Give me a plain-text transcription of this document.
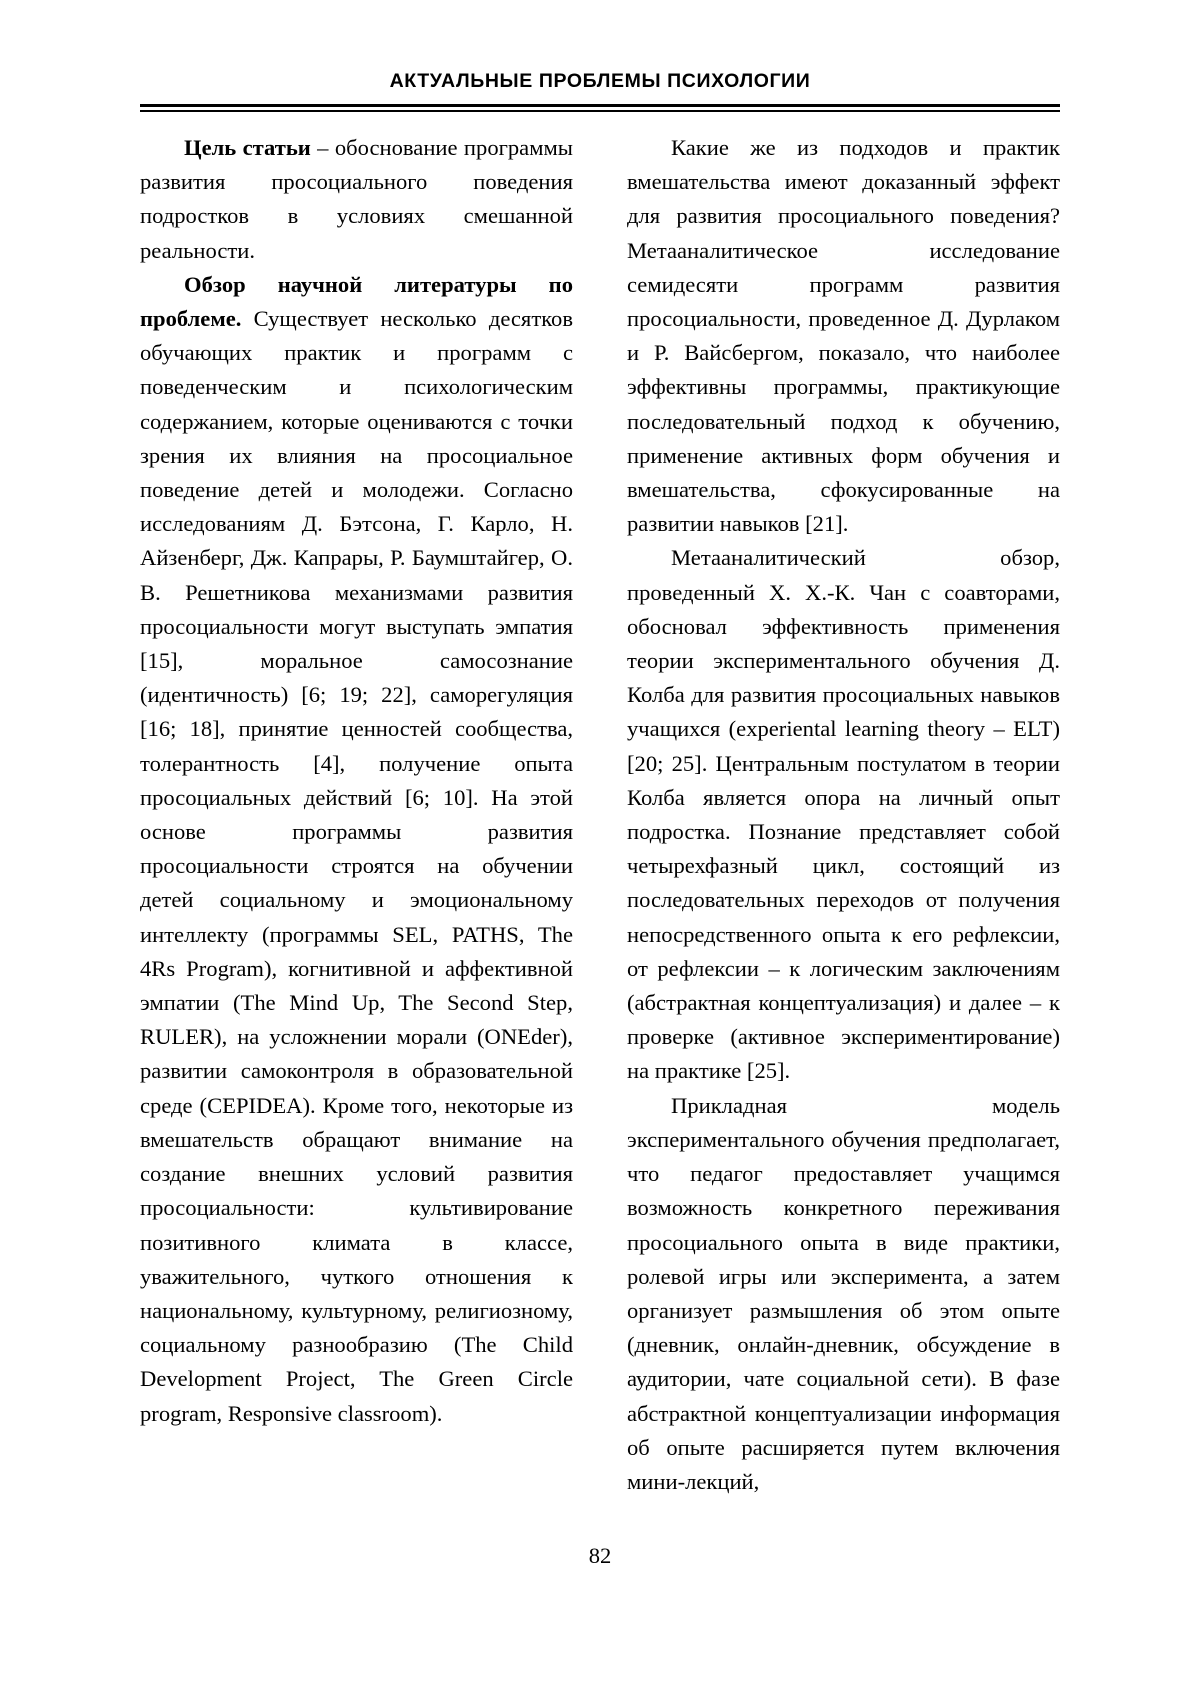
АКТУАЛЬНЫЕ ПРОБЛЕМЫ ПСИХОЛОГИИ

Цель статьи – обоснование программы развития просоциального поведения подростков в условиях смешанной реальности.

Обзор научной литературы по проблеме. Существует несколько десятков обучающих практик и программ с поведенческим и психологическим содержанием, которые оцениваются с точки зрения их влияния на просоциальное поведение детей и молодежи. Согласно исследованиям Д. Бэтсона, Г. Карло, Н. Айзенберг, Дж. Капрары, Р. Баумштайгер, О. В. Решетникова механизмами развития просоциальности могут выступать эмпатия [15], моральное самосознание (идентичность) [6; 19; 22], саморегуляция [16; 18], принятие ценностей сообщества, толерантность [4], получение опыта просоциальных действий [6; 10]. На этой основе программы развития просоциальности строятся на обучении детей социальному и эмоциональному интеллекту (программы SEL, PATHS, The 4Rs Program), когнитивной и аффективной эмпатии (The Mind Up, The Second Step, RULER), на усложнении морали (ONEder), развитии самоконтроля в образовательной среде (CEPIDEA). Кроме того, некоторые из вмешательств обращают внимание на создание внешних условий развития просоциальности: культивирование позитивного климата в классе, уважительного, чуткого отношения к национальному, культурному, религиозному, социальному разнообразию (The Child Development Project, The Green Circle program, Responsive classroom).

Какие же из подходов и практик вмешательства имеют доказанный эффект для развития просоциального поведения? Метааналитическое исследование семидесяти программ развития просоциальности, проведенное Д. Дурлаком и Р. Вайсбергом, показало, что наиболее эффективны программы, практикующие последовательный подход к обучению, применение активных форм обучения и вмешательства, сфокусированные на развитии навыков [21].

Метааналитический обзор, проведенный Х. Х.-К. Чан с соавторами, обосновал эффективность применения теории экспериментального обучения Д. Колба для развития просоциальных навыков учащихся (experiental learning theory – ELT) [20; 25]. Центральным постулатом в теории Колба является опора на личный опыт подростка. Познание представляет собой четырехфазный цикл, состоящий из последовательных переходов от получения непосредственного опыта к его рефлексии, от рефлексии – к логическим заключениям (абстрактная концептуализация) и далее – к проверке (активное экспериментирование) на практике [25].

Прикладная модель экспериментального обучения предполагает, что педагог предоставляет учащимся возможность конкретного переживания просоциального опыта в виде практики, ролевой игры или эксперимента, а затем организует размышления об этом опыте (дневник, онлайн-дневник, обсуждение в аудитории, чате социальной сети). В фазе абстрактной концептуализации информация об опыте расширяется путем включения мини-лекций,

82
